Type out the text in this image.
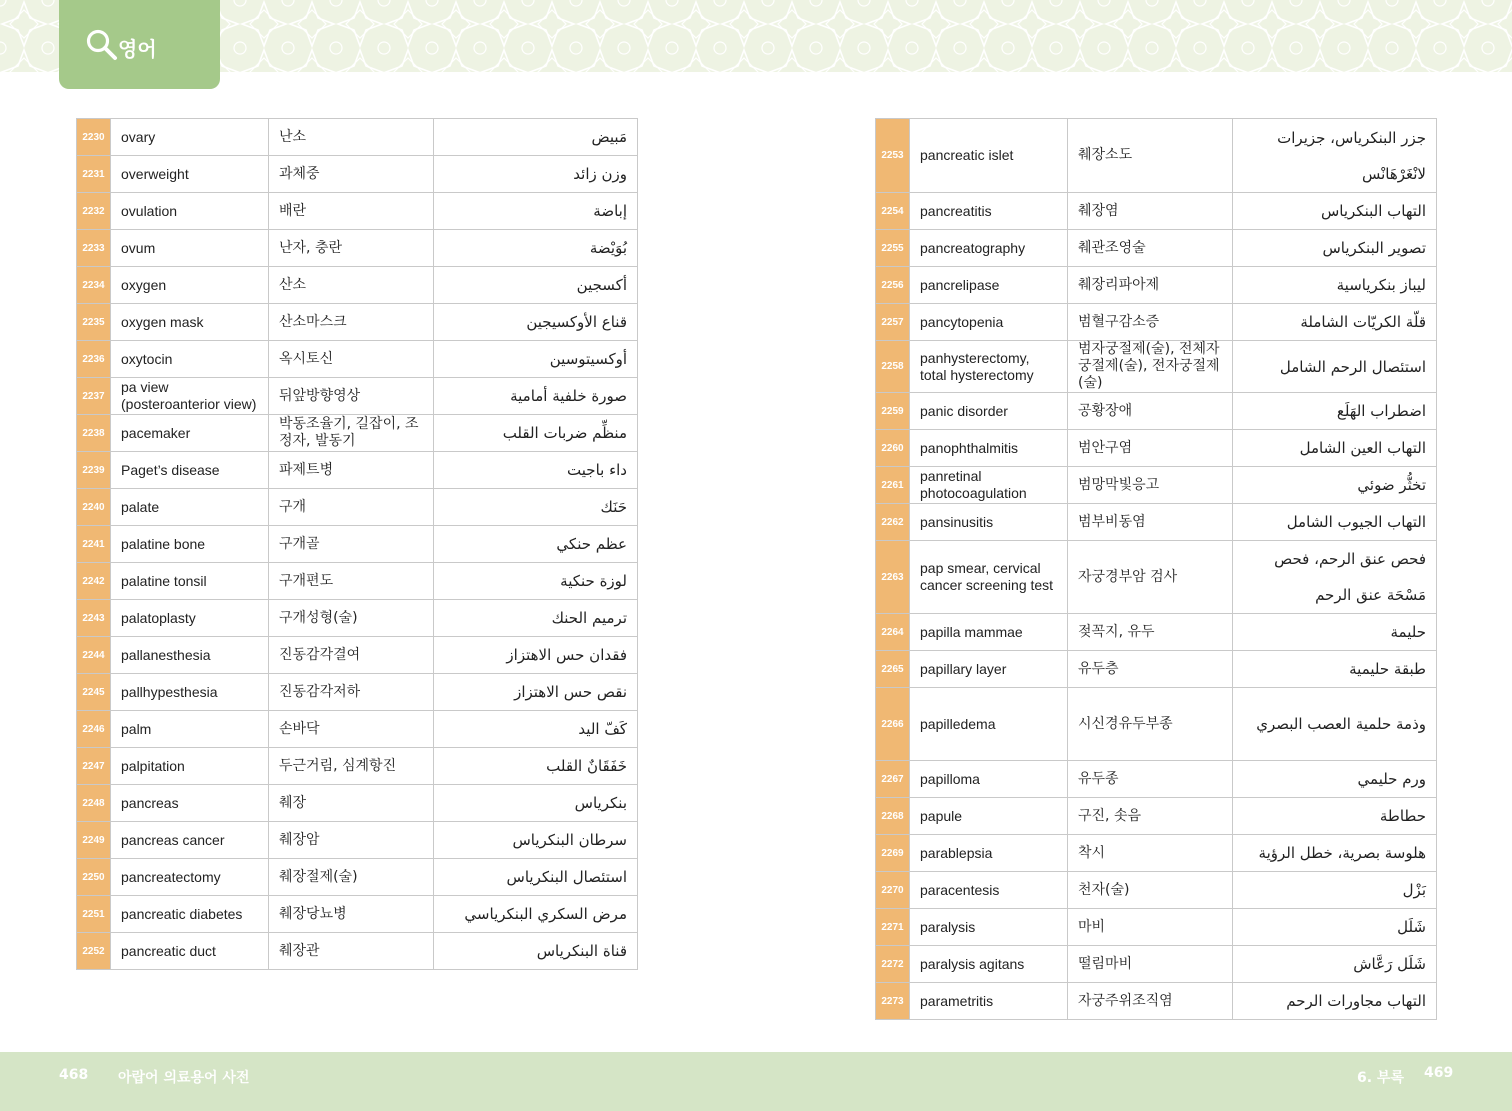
영어
2230	ovary	난소	مَبيض
2231	overweight	과체중	وزن زائد
2232	ovulation	배란	إباضة
2233	ovum	난자, 충란	بُوَيْضة
2234	oxygen	산소	أكسجين
2235	oxygen mask	산소마스크	قناع الأوكسيجين
2236	oxytocin	옥시토신	أوكسيتوسين
2237	pa view (posteroanterior view)	뒤앞방향영상	صورة خلفية أمامية
2238	pacemaker	박동조율기, 길잡이, 조정자, 발동기	منظِّم ضربات القلب
2239	Paget’s disease	파제트병	داء باجيت
2240	palate	구개	حَنَك
2241	palatine bone	구개골	عظم حنكي
2242	palatine tonsil	구개편도	لوزة حنكية
2243	palatoplasty	구개성형(술)	ترميم الحنك
2244	pallanesthesia	진동감각결여	فقدان حس الاهتزاز
2245	pallhypesthesia	진동감각저하	نقص حس الاهتزاز
2246	palm	손바닥	كَفّ اليد
2247	palpitation	두근거림, 심계항진	خَفَقَانٌ القلب
2248	pancreas	췌장	بنكرياس
2249	pancreas cancer	췌장암	سرطان البنكرياس
2250	pancreatectomy	췌장절제(술)	استئصال البنكرياس
2251	pancreatic diabetes	췌장당뇨병	مرض السكري البنكرياسي
2252	pancreatic duct	췌장관	قناة البنكرياس
2253	pancreatic islet	췌장소도	جزر البنكرياس، جزيرات لانْغَرْهَانْس
2254	pancreatitis	췌장염	التهاب البنكرياس
2255	pancreatography	췌관조영술	تصوير البنكرياس
2256	pancrelipase	췌장리파아제	ليباز بنكرياسية
2257	pancytopenia	범혈구감소증	قلّة الكريّات الشاملة
2258	panhysterectomy, total hysterectomy	범자궁절제(술), 전체자궁절제(술), 전자궁절제(술)	استئصال الرحم الشامل
2259	panic disorder	공황장애	اضطراب الهَلَع
2260	panophthalmitis	범안구염	التهاب العين الشامل
2261	panretinal photocoagulation	범망막빛응고	تخثُّر ضوئي
2262	pansinusitis	범부비동염	التهاب الجيوب الشامل
2263	pap smear, cervical cancer screening test	자궁경부암 검사	فحص عنق الرحم، فحص مَسْحَة عنق الرحم
2264	papilla mammae	젖꼭지, 유두	حليمة
2265	papillary layer	유두층	طبقة حليمية
2266	papilledema	시신경유두부종	وذمة حلمية العصب البصري
2267	papilloma	유두종	ورم حليمي
2268	papule	구진, 솟음	حطاطة
2269	parablepsia	착시	هلوسة بصرية، خطل الرؤية
2270	paracentesis	천자(술)	بَزْل
2271	paralysis	마비	شَلَل
2272	paralysis agitans	떨림마비	شَلَل رَعَّاش
2273	parametritis	자궁주위조직염	التهاب مجاورات الرحم
468 아랍어 의료용어 사전	6. 부록 469
